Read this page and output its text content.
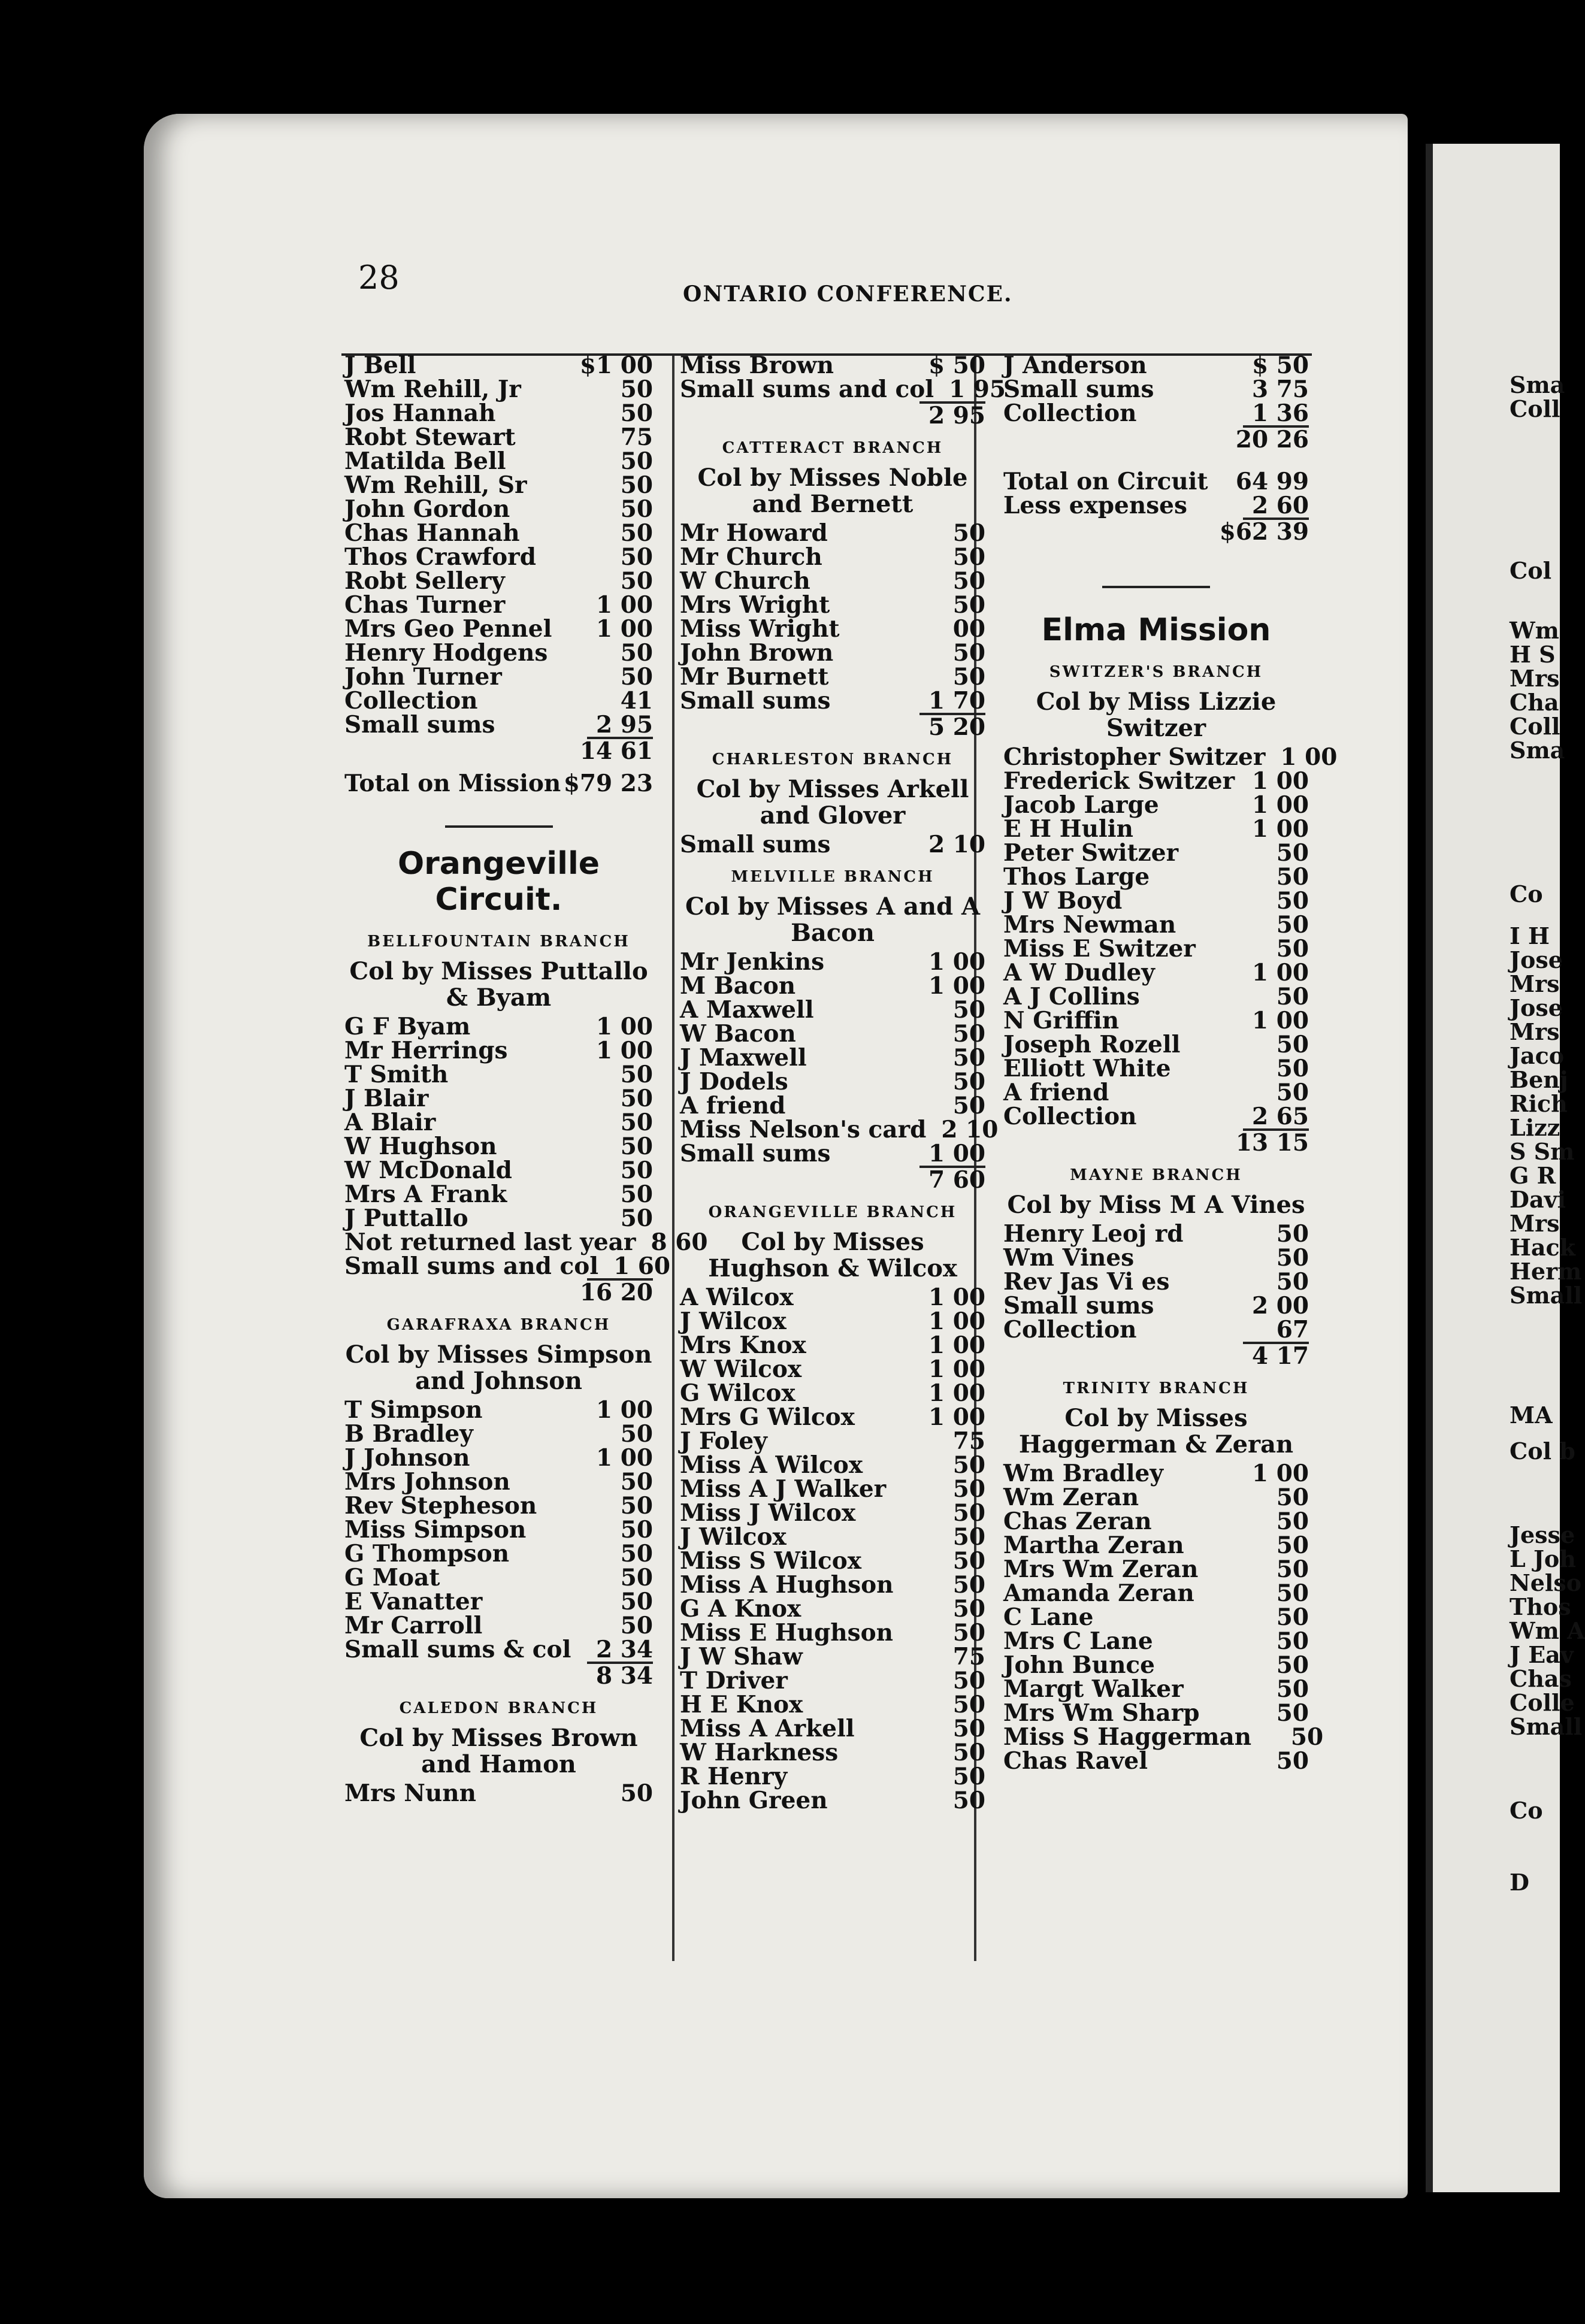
28	ONTARIO CONFERENCE.
J Bell	$1 00
Wm Rehill, Jr	50
Jos Hannah	50
Robt Stewart	75
Matilda Bell	50
Wm Rehill, Sr	50
John Gordon	50
Chas Hannah	50
Thos Crawford	50
Robt Sellery	50
Chas Turner	1 00
Mrs Geo Pennel	1 00
Henry Hodgens	50
John Turner	50
Collection	41
Small sums	2 95
14 61
Total on Mission $79 23
Orangeville Circuit.
BELLFOUNTAIN BRANCH
Col by Misses Puttallo & Byam
G F Byam	1 00
Mr Herrings	1 00
T Smith	50
J Blair	50
A Blair	50
W Hughson	50
W McDonald	50
Mrs A Frank	50
J Puttallo	50
Not returned last year 8 60
Small sums and col 1 60
16 20
GARAFRAXA BRANCH
Col by Misses Simpson and Johnson
T Simpson	1 00
B Bradley	50
J Johnson	1 00
Mrs Johnson	50
Rev Stepheson	50
Miss Simpson	50
G Thompson	50
G Moat	50
E Vanatter	50
Mr Carroll	50
Small sums & col	2 34
8 34
CALEDON BRANCH
Col by Misses Brown and Hamon
Mrs Nunn	50
Miss Brown	$ 50
Small sums and col 1 95
2 95
CATTERACT BRANCH
Col by Misses Noble and Bernett
Mr Howard	50
Mr Church	50
W Church	50
Mrs Wright	50
Miss Wright	00
John Brown	50
Mr Burnett	50
Small sums	1 70
5 20
CHARLESTON BRANCH
Col by Misses Arkell and Glover
Small sums	2 10
MELVILLE BRANCH
Col by Misses A and A Bacon
Mr Jenkins	1 00
M Bacon	1 00
A Maxwell	50
W Bacon	50
J Maxwell	50
J Dodels	50
A friend	50
Miss Nelson's card 2 10
Small sums	1 00
7 60
ORANGEVILLE BRANCH
Col by Misses Hughson & Wilcox
A Wilcox	1 00
J Wilcox	1 00
Mrs Knox	1 00
W Wilcox	1 00
G Wilcox	1 00
Mrs G Wilcox	1 00
J Foley	75
Miss A Wilcox	50
Miss A J Walker	50
Miss J Wilcox	50
J Wilcox	50
Miss S Wilcox	50
Miss A Hughson	50
G A Knox	50
Miss E Hughson	50
J W Shaw	75
T Driver	50
H E Knox	50
Miss A Arkell	50
W Harkness	50
R Henry	50
John Green	50
J Anderson	$ 50
Small sums	3 75
Collection	1 36
20 26
Total on Circuit 64 99
Less expenses	2 60
$62 39
Elma Mission
SWITZER'S BRANCH
Col by Miss Lizzie Switzer
Christopher Switzer 1 00
Frederick Switzer 1 00
Jacob Large	1 00
E H Hulin	1 00
Peter Switzer	50
Thos Large	50
J W Boyd	50
Mrs Newman	50
Miss E Switzer	50
A W Dudley	1 00
A J Collins	50
N Griffin	1 00
Joseph Rozell	50
Elliott White	50
A friend	50
Collection	2 65
13 15
MAYNE BRANCH
Col by Miss M A Vines
Henry Leoj rd	50
Wm Vines	50
Rev Jas Vi es	50
Small sums	2 00
Collection	67
4 17
TRINITY BRANCH
Col by Misses Haggerman & Zeran
Wm Bradley	1 00
Wm Zeran	50
Chas Zeran	50
Martha Zeran	50
Mrs Wm Zeran	50
Amanda Zeran	50
C Lane	50
Mrs C Lane	50
John Bunce	50
Margt Walker	50
Mrs Wm Sharp	50
Miss S Haggerman	50
Chas Ravel	50
Sma
Coll
Col
Wm
H S
Mrs
Cha
Coll
Sma
Co
I H
Jose
Mrs
Jose
Mrs
Jaco
Benj
Rich
Lizz
S Sm
G R
Davi
Mrs
Hack
Herm
Small
MA
Col b
Jesse
L Joh
Nelso
Thos
Wm A
J Eav
Chas
Colle
Small
Co
D
